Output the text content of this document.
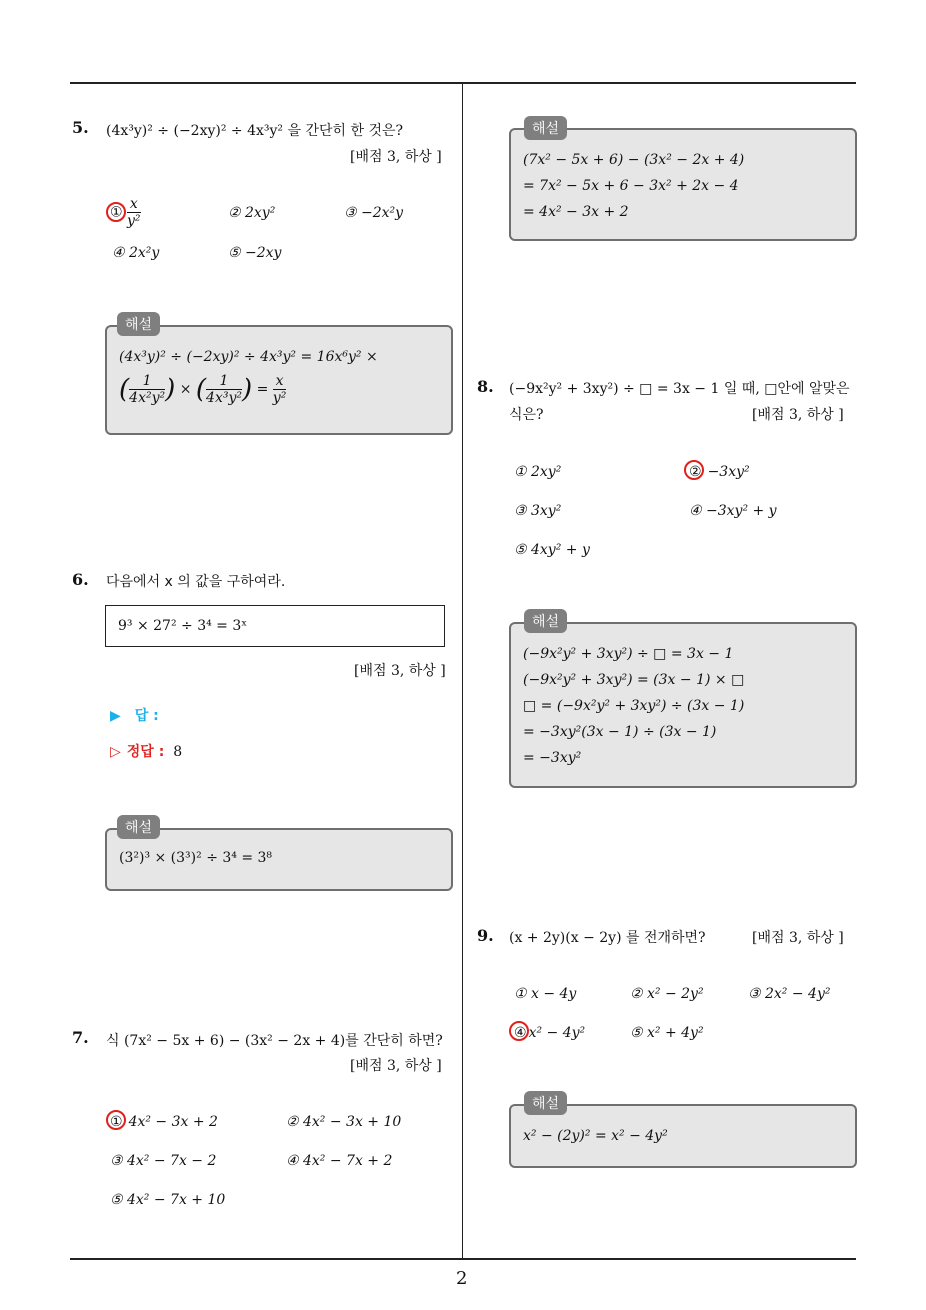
2
5. (4x³y)² ÷ (−2xy)² ÷ 4x³y² 을 간단히 한 것은?
[배점 3, 하상 ]
① $\frac{x}{\text{y²}}$	② 2xy²	③ −2x²y
④ 2x²y	⑤ −2xy
(4x³y)² ÷ (−2xy)² ÷ 4x³y² = 16x⁶y² ×
( $\frac{1}{\text{4x²y²}}$ ) × ( $\frac{1}{\text{4x³y²}}$ ) = $\frac{x}{\text{y²}}$
해설
6. 다음에서 x 의 값을 구하여라.
9³ × 27² ÷ 3⁴ = 3ˣ
[배점 3, 하상 ]
▶ 답 :
▷ 정답 : 8
(3²)³ × (3³)² ÷ 3⁴ = 3⁸
해설
7. 식 (7x² − 5x + 6) − (3x² − 2x + 4)를 간단히 하면?
[배점 3, 하상 ]
① 4x² − 3x + 2	② 4x² − 3x + 10
③ 4x² − 7x − 2	④ 4x² − 7x + 2
⑤ 4x² − 7x + 10
(7x² − 5x + 6) − (3x² − 2x + 4)
= 7x² − 5x + 6 − 3x² + 2x − 4
= 4x² − 3x + 2
해설
8. (−9x²y² + 3xy²) ÷ □ = 3x − 1 일 때, □안에 알맞은
식은?	[배점 3, 하상 ]
① 2xy²	② −3xy²
③ 3xy²	④ −3xy² + y
⑤ 4xy² + y
(−9x²y² + 3xy²) ÷ □ = 3x − 1
(−9x²y² + 3xy²) = (3x − 1) × □
□ = (−9x²y² + 3xy²) ÷ (3x − 1)
= −3xy²(3x − 1) ÷ (3x − 1)
= −3xy²
해설
9. (x + 2y)(x − 2y) 를 전개하면?	[배점 3, 하상 ]
① x − 4y	② x² − 2y²	③ 2x² − 4y²
④ x² − 4y²	⑤ x² + 4y²
x² − (2y)² = x² − 4y²
해설
